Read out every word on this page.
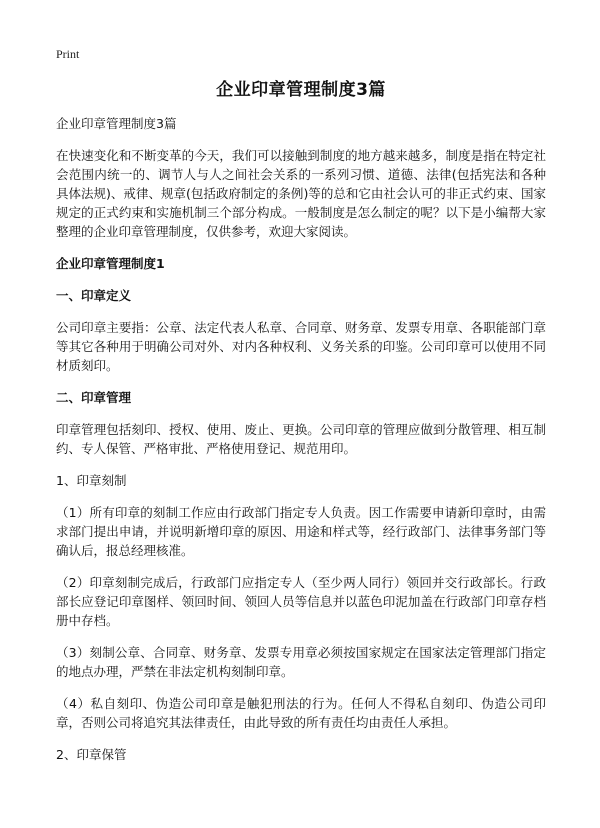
Print
企业印章管理制度3篇
企业印章管理制度3篇
在快速变化和不断变革的今天，我们可以接触到制度的地方越来越多，制度是指在特定社会范围内统一的、调节人与人之间社会关系的一系列习惯、道德、法律(包括宪法和各种具体法规)、戒律、规章(包括政府制定的条例)等的总和它由社会认可的非正式约束、国家规定的正式约束和实施机制三个部分构成。一般制度是怎么制定的呢？以下是小编帮大家整理的企业印章管理制度，仅供参考，欢迎大家阅读。
企业印章管理制度1
一、印章定义
公司印章主要指：公章、法定代表人私章、合同章、财务章、发票专用章、各职能部门章等其它各种用于明确公司对外、对内各种权利、义务关系的印鉴。公司印章可以使用不同材质刻印。
二、印章管理
印章管理包括刻印、授权、使用、废止、更换。公司印章的管理应做到分散管理、相互制约、专人保管、严格审批、严格使用登记、规范用印。
1、印章刻制
（1）所有印章的刻制工作应由行政部门指定专人负责。因工作需要申请新印章时，由需求部门提出申请，并说明新增印章的原因、用途和样式等，经行政部门、法律事务部门等确认后，报总经理核准。
（2）印章刻制完成后，行政部门应指定专人（至少两人同行）领回并交行政部长。行政部长应登记印章图样、领回时间、领回人员等信息并以蓝色印泥加盖在行政部门印章存档册中存档。
（3）刻制公章、合同章、财务章、发票专用章必须按国家规定在国家法定管理部门指定的地点办理，严禁在非法定机构刻制印章。
（4）私自刻印、伪造公司印章是触犯刑法的行为。任何人不得私自刻印、伪造公司印章，否则公司将追究其法律责任，由此导致的所有责任均由责任人承担。
2、印章保管
